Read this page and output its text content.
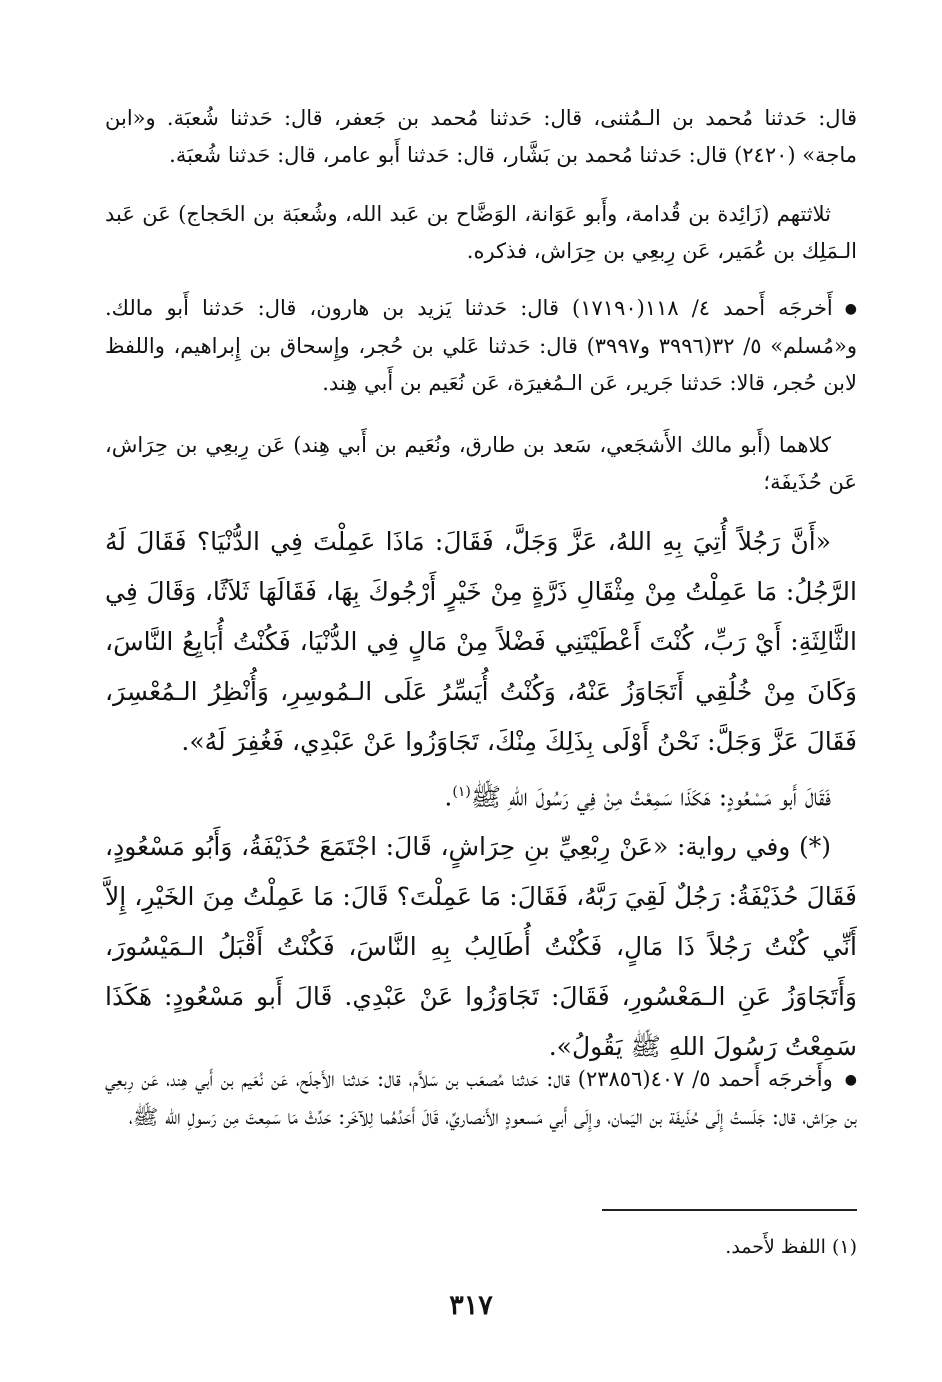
قال: حَدثنا مُحمد بن الـمُثنى، قال: حَدثنا مُحمد بن جَعفر، قال: حَدثنا شُعبَة. و«ابن ماجة» (٢٤٢٠) قال: حَدثنا مُحمد بن بَشَّار، قال: حَدثنا أَبو عامر، قال: حَدثنا شُعبَة.

ثلاثتهم (زَائِدة بن قُدامة، وأَبو عَوَانة، الوَضَّاح بن عَبد الله، وشُعبَة بن الحَجاج) عَن عَبد الـمَلِك بن عُمَير، عَن رِبعِي بن حِرَاش، فذكره.

●أَخرجَه أَحمد ٤/ ١١٨(١٧١٩٠) قال: حَدثنا يَزيد بن هارون، قال: حَدثنا أَبو مالك. و«مُسلم» ٥/ ٣٢(٣٩٩٦ و٣٩٩٧) قال: حَدثنا عَلي بن حُجر، وإِسحاق بن إِبراهيم، واللفظ لابن حُجر، قالا: حَدثنا جَرير، عَن الـمُغيرَة، عَن نُعَيم بن أَبي هِند.

كلاهما (أَبو مالك الأَشجَعي، سَعد بن طارق، ونُعَيم بن أَبي هِند) عَن رِبعِي بن حِرَاش، عَن حُذَيفَة؛

«أَنَّ رَجُلاً أُتِيَ بِهِ اللهُ، عَزَّ وَجَلَّ، فَقَالَ: مَاذَا عَمِلْتَ فِي الدُّنْيَا؟ فَقَالَ لَهُ الرَّجُلُ: مَا عَمِلْتُ مِنْ مِثْقَالِ ذَرَّةٍ مِنْ خَيْرٍ أَرْجُوكَ بِهَا، فَقَالَهَا ثَلاَثًا، وَقَالَ فِي الثَّالِثَةِ: أَيْ رَبِّ، كُنْتَ أَعْطَيْتَنِي فَضْلاً مِنْ مَالٍ فِي الدُّنْيَا، فَكُنْتُ أُبَايِعُ النَّاسَ، وَكَانَ مِنْ خُلُقِي أَتَجَاوَزُ عَنْهُ، وَكُنْتُ أُيَسِّرُ عَلَى الـمُوسِرِ، وَأُنْظِرُ الـمُعْسِرَ، فَقَالَ عَزَّ وَجَلَّ: نَحْنُ أَوْلَى بِذَلِكَ مِنْكَ، تَجَاوَزُوا عَنْ عَبْدِي، فَغُفِرَ لَهُ».

فَقَالَ أَبو مَسْعُودٍ: هَكَذَا سَمِعْتُ مِنْ فِي رَسُولَ اللهِ ﷺ$^{(١)}$.

(*) وفي رواية: «عَنْ رِبْعِيِّ بنِ حِرَاشٍ، قَالَ: اجْتَمَعَ حُذَيْفَةُ، وَأَبُو مَسْعُودٍ، فَقَالَ حُذَيْفَةُ: رَجُلٌ لَقِيَ رَبَّهُ، فَقَالَ: مَا عَمِلْتَ؟ قَالَ: مَا عَمِلْتُ مِنَ الخَيْرِ، إِلاَّ أَنِّي كُنْتُ رَجُلاً ذَا مَالٍ، فَكُنْتُ أُطَالِبُ بِهِ النَّاسَ، فَكُنْتُ أَقْبَلُ الـمَيْسُورَ، وَأَتَجَاوَزُ عَنِ الـمَعْسُورِ، فَقَالَ: تَجَاوَزُوا عَنْ عَبْدِي. قَالَ أَبو مَسْعُودٍ: هَكَذَا سَمِعْتُ رَسُولَ اللهِ ﷺ يَقُولُ».

●وأَخرجَه أَحمد ٥/ ٤٠٧(٢٣٨٥٦) قال: حَدثنا مُصعَب بن سَلاَّم، قال: حَدثنا الأَجلَح، عَن نُعَيم بن أَبي هِند، عَن رِبعِي بن حِرَاش، قال: جَلَستُ إِلَى حُذَيفَة بن اليَمان، وإِلَى أَبي مَسعودٍ الأَنصاريِّ، قَالَ أَحَدُهُما لِلآخَر: حَدِّثْ مَا سَمِعتَ مِن رَسولِ الله ﷺ،

(١) اللفظ لأَحمد.
٣١٧
